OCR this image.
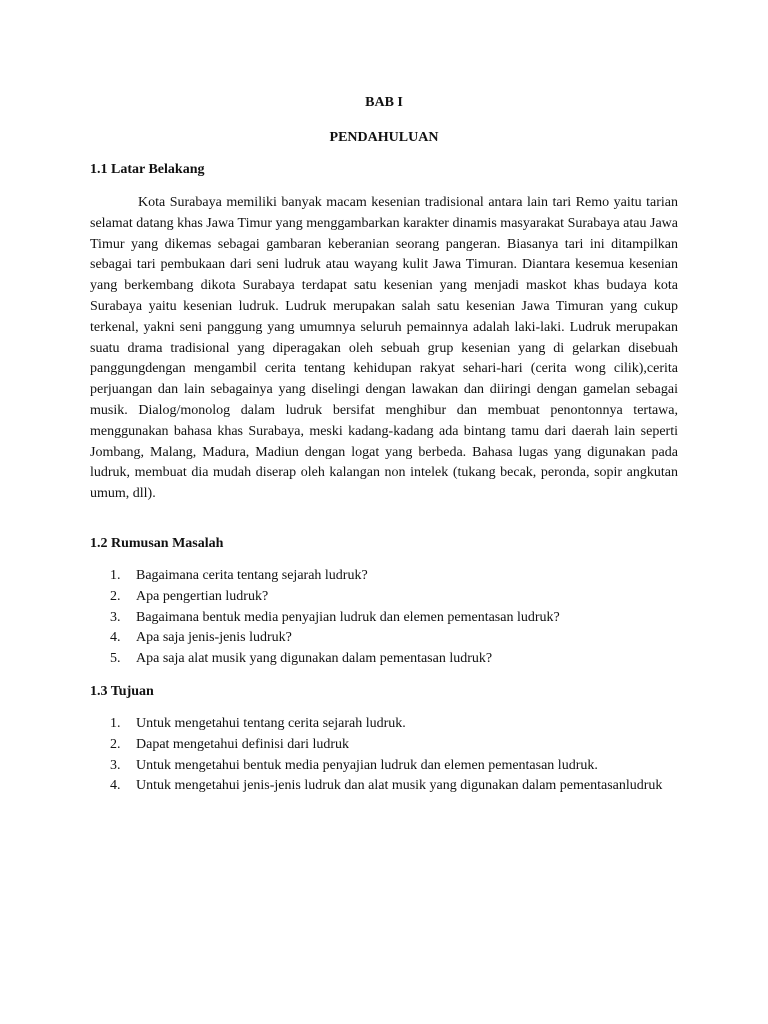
BAB I
PENDAHULUAN
1.1 Latar Belakang

Kota Surabaya memiliki banyak macam kesenian tradisional antara lain tari Remo yaitu tarian selamat datang khas Jawa Timur yang menggambarkan karakter dinamis masyarakat Surabaya atau Jawa Timur yang dikemas sebagai gambaran keberanian seorang pangeran. Biasanya tari ini ditampilkan sebagai tari pembukaan dari seni ludruk atau wayang kulit Jawa Timuran. Diantara kesemua kesenian yang berkembang dikota Surabaya terdapat satu kesenian yang menjadi maskot khas budaya kota Surabaya yaitu kesenian ludruk. Ludruk merupakan salah satu kesenian Jawa Timuran yang cukup terkenal, yakni seni panggung yang umumnya seluruh pemainnya adalah laki-laki. Ludruk merupakan suatu drama tradisional yang diperagakan oleh sebuah grup kesenian yang di gelarkan disebuah panggungdengan mengambil cerita tentang kehidupan rakyat sehari-hari (cerita wong cilik),cerita perjuangan dan lain sebagainya yang diselingi dengan lawakan dan diiringi dengan gamelan sebagai musik. Dialog/monolog dalam ludruk bersifat menghibur dan membuat penontonnya tertawa, menggunakan bahasa khas Surabaya, meski kadang-kadang ada bintang tamu dari daerah lain seperti Jombang, Malang, Madura, Madiun dengan logat yang berbeda. Bahasa lugas yang digunakan pada ludruk, membuat dia mudah diserap oleh kalangan non intelek (tukang becak, peronda, sopir angkutan umum, dll).

1.2 Rumusan Masalah
1. Bagaimana cerita tentang sejarah ludruk?
2. Apa pengertian ludruk?
3. Bagaimana bentuk media penyajian ludruk dan elemen pementasan ludruk?
4. Apa saja jenis-jenis ludruk?
5. Apa saja alat musik yang digunakan dalam pementasan ludruk?
1.3 Tujuan
1. Untuk mengetahui tentang cerita sejarah ludruk.
2. Dapat mengetahui definisi dari ludruk
3. Untuk mengetahui bentuk media penyajian ludruk dan elemen pementasan ludruk.
4. Untuk mengetahui jenis-jenis ludruk dan alat musik yang digunakan dalam pementasanludruk
